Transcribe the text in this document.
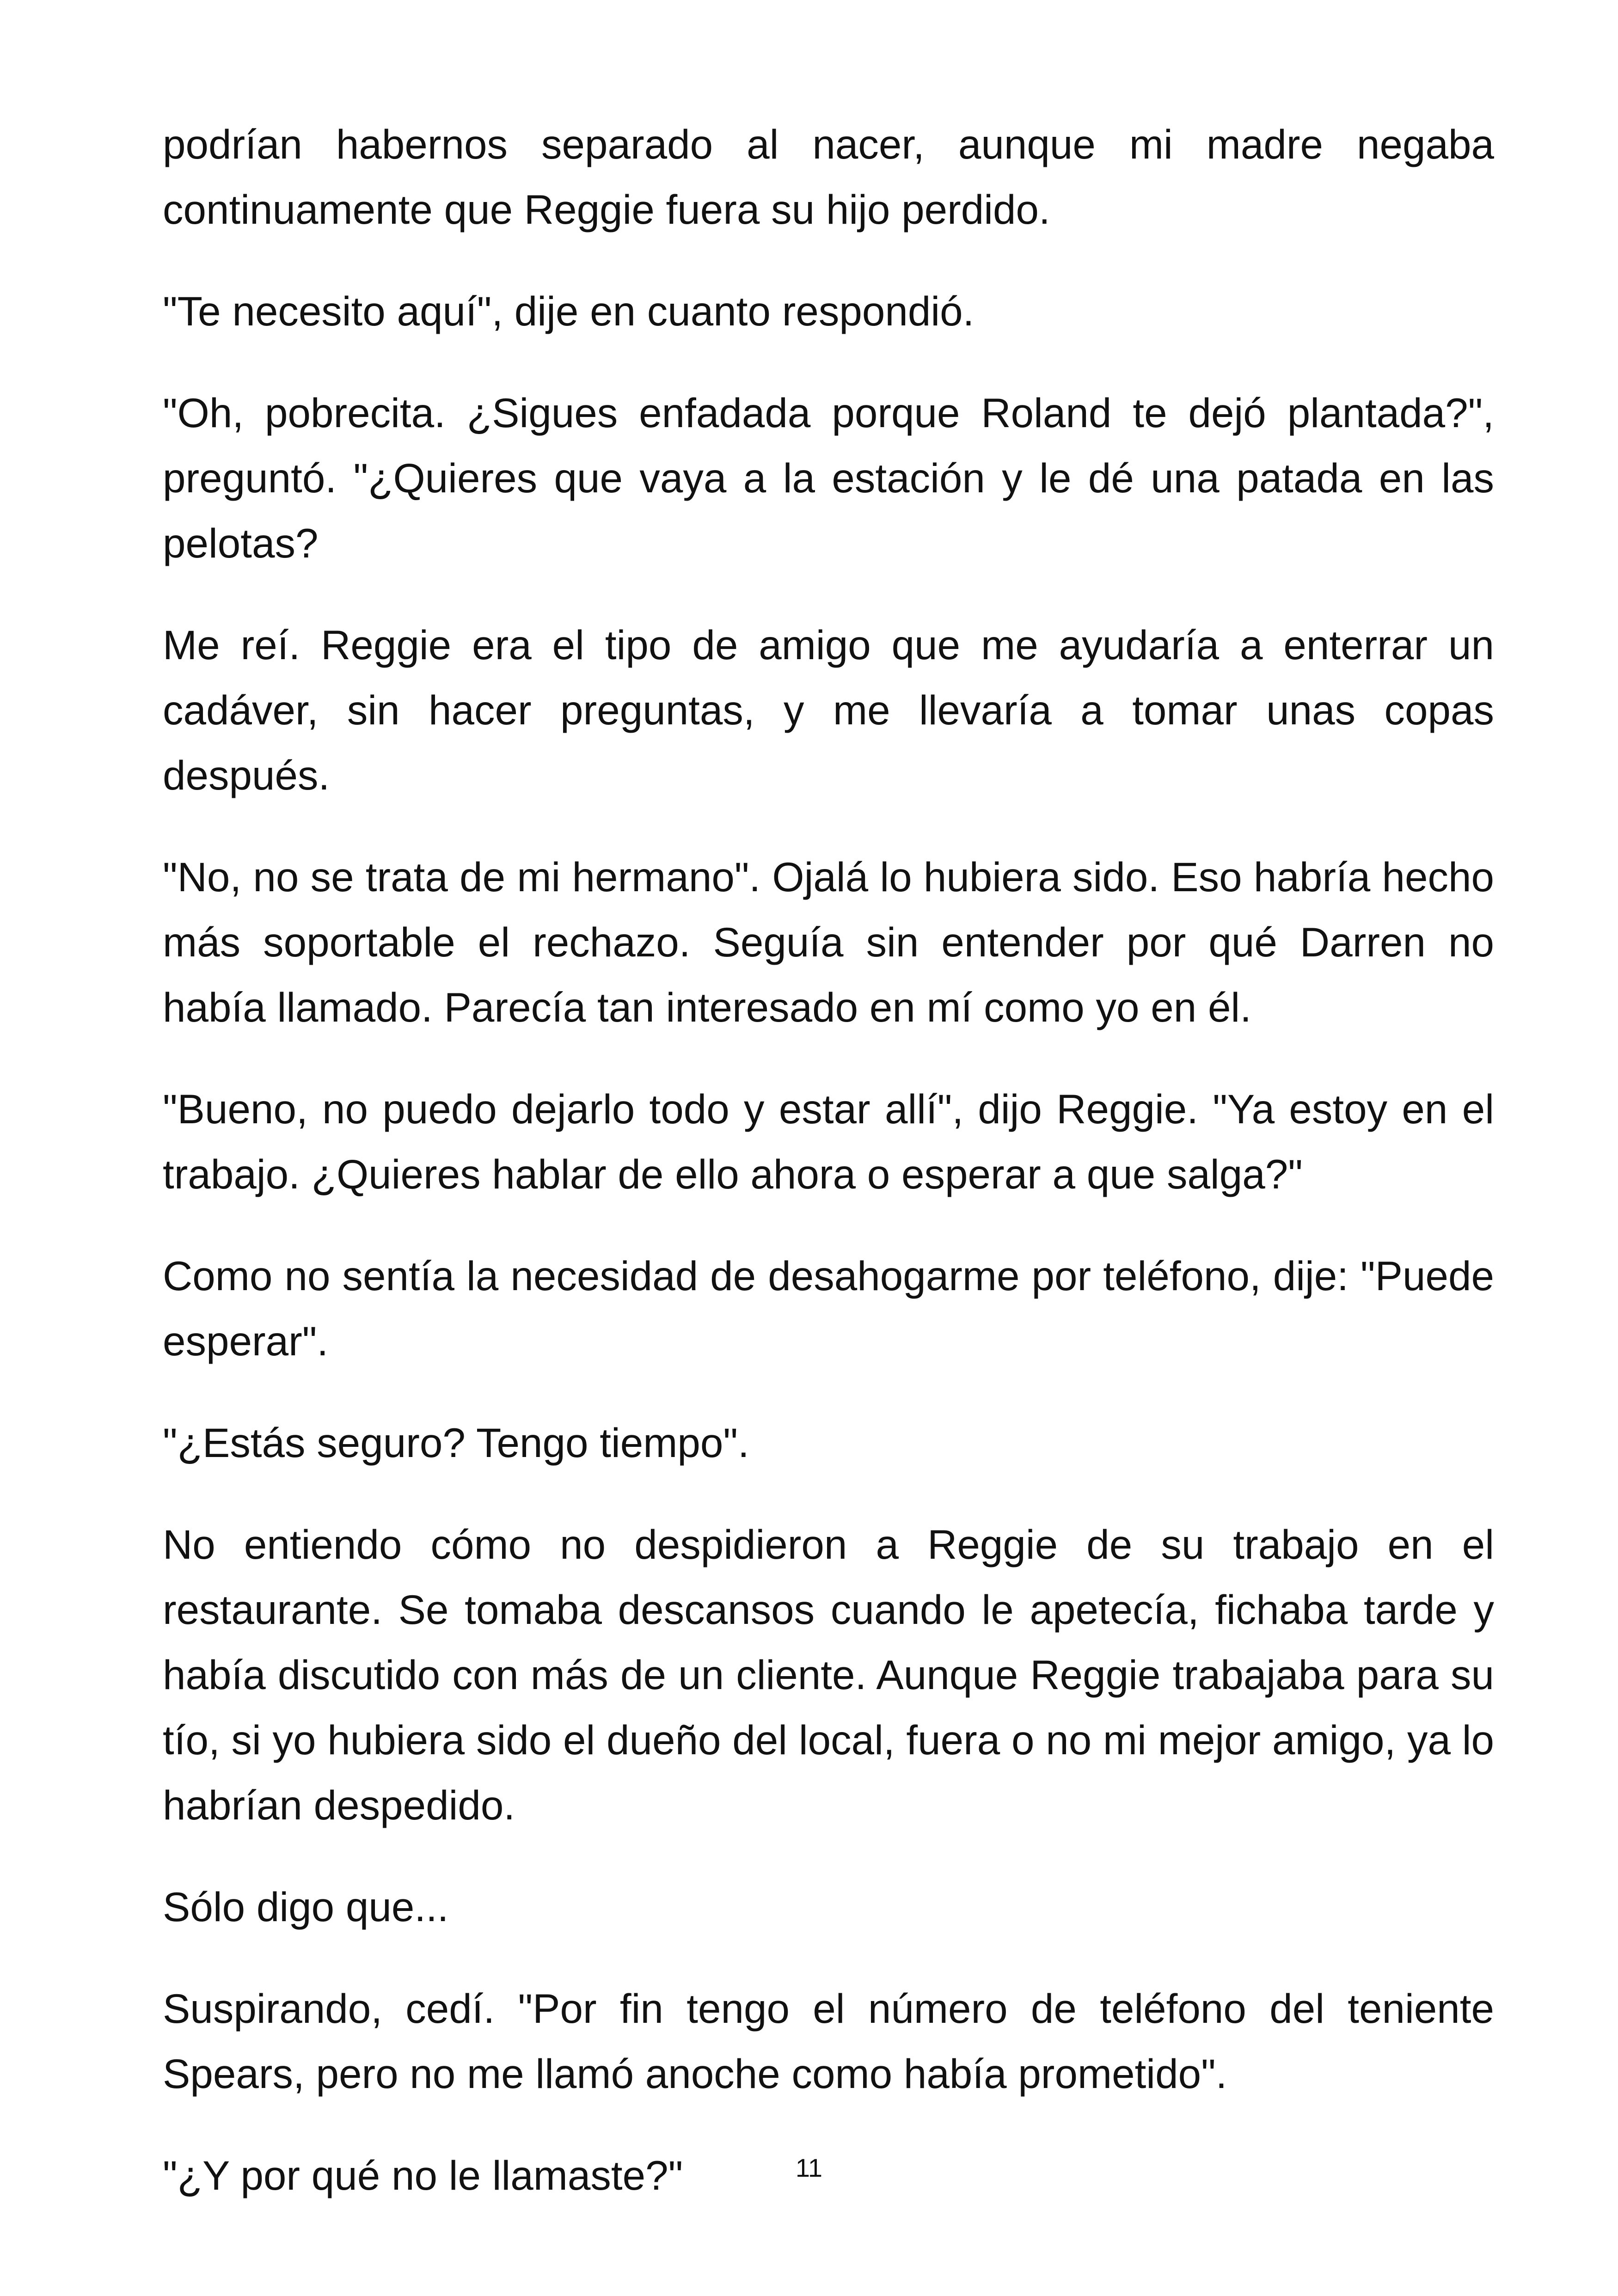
podrían habernos separado al nacer, aunque mi madre negaba continuamente que Reggie fuera su hijo perdido.

"Te necesito aquí", dije en cuanto respondió.

"Oh, pobrecita. ¿Sigues enfadada porque Roland te dejó plantada?", preguntó. "¿Quieres que vaya a la estación y le dé una patada en las pelotas?

Me reí. Reggie era el tipo de amigo que me ayudaría a enterrar un cadáver, sin hacer preguntas, y me llevaría a tomar unas copas después.

"No, no se trata de mi hermano". Ojalá lo hubiera sido. Eso habría hecho más soportable el rechazo. Seguía sin entender por qué Darren no había llamado. Parecía tan interesado en mí como yo en él.

"Bueno, no puedo dejarlo todo y estar allí", dijo Reggie. "Ya estoy en el trabajo. ¿Quieres hablar de ello ahora o esperar a que salga?"

Como no sentía la necesidad de desahogarme por teléfono, dije: "Puede esperar".

"¿Estás seguro? Tengo tiempo".

No entiendo cómo no despidieron a Reggie de su trabajo en el restaurante. Se tomaba descansos cuando le apetecía, fichaba tarde y había discutido con más de un cliente. Aunque Reggie trabajaba para su tío, si yo hubiera sido el dueño del local, fuera o no mi mejor amigo, ya lo habrían despedido.

Sólo digo que...

Suspirando, cedí. "Por fin tengo el número de teléfono del teniente Spears, pero no me llamó anoche como había prometido".

"¿Y por qué no le llamaste?"	11
